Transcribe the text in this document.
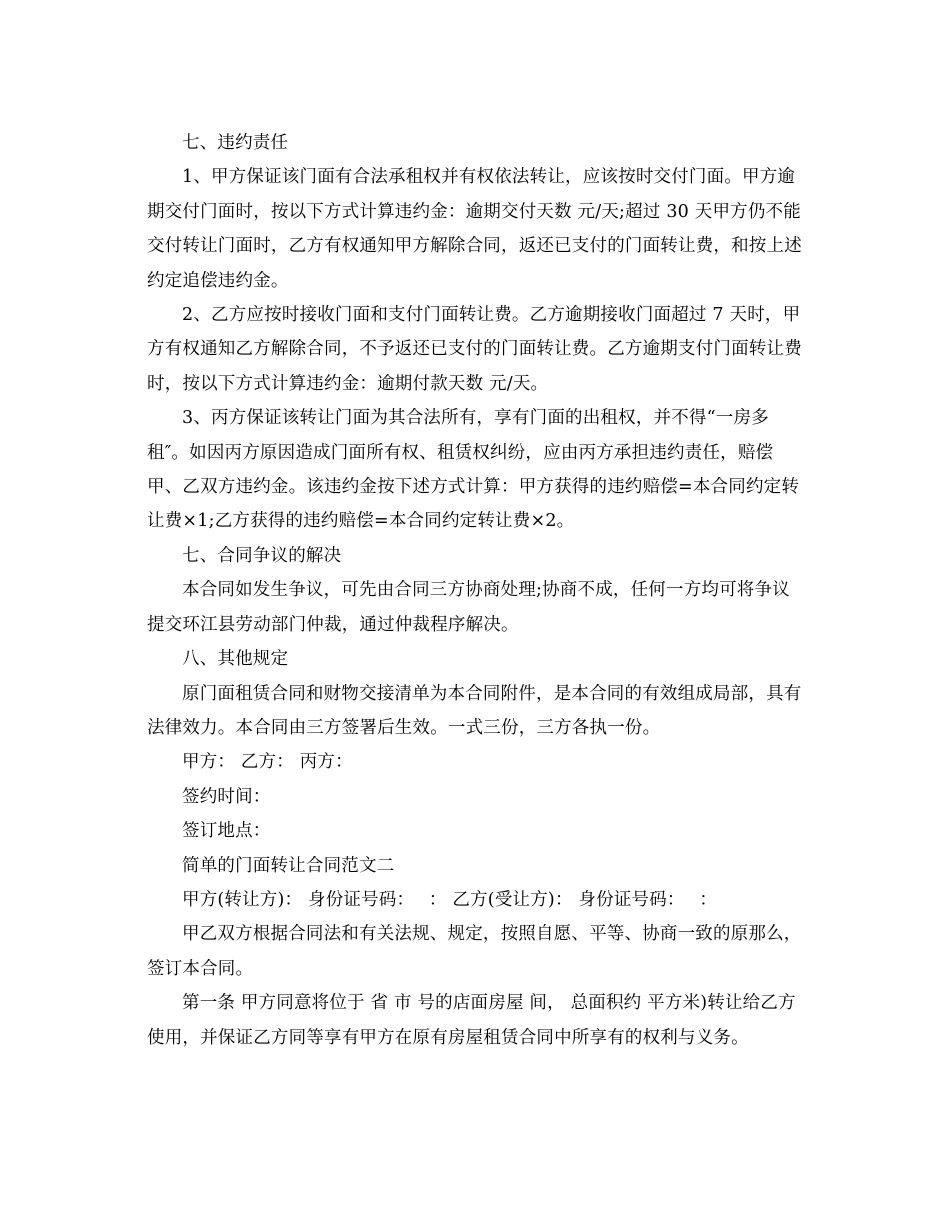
七、违约责任

1、甲方保证该门面有合法承租权并有权依法转让，应该按时交付门面。甲方逾期交付门面时，按以下方式计算违约金：逾期交付天数 元/天;超过 30 天甲方仍不能交付转让门面时，乙方有权通知甲方解除合同，返还已支付的门面转让费，和按上述约定追偿违约金。

2、乙方应按时接收门面和支付门面转让费。乙方逾期接收门面超过 7 天时，甲方有权通知乙方解除合同，不予返还已支付的门面转让费。乙方逾期支付门面转让费时，按以下方式计算违约金：逾期付款天数 元/天。

3、丙方保证该转让门面为其合法所有，享有门面的出租权，并不得“一房多租″。如因丙方原因造成门面所有权、租赁权纠纷，应由丙方承担违约责任，赔偿甲、乙双方违约金。该违约金按下述方式计算：甲方获得的违约赔偿=本合同约定转让费×1;乙方获得的违约赔偿=本合同约定转让费×2。

七、合同争议的解决

本合同如发生争议，可先由合同三方协商处理;协商不成，任何一方均可将争议提交环江县劳动部门仲裁，通过仲裁程序解决。

八、其他规定

原门面租赁合同和财物交接清单为本合同附件，是本合同的有效组成局部，具有法律效力。本合同由三方签署后生效。一式三份，三方各执一份。

甲方： 乙方： 丙方：

签约时间：

签订地点：

简单的门面转让合同范文二

甲方(转让方)： 身份证号码：　 ： 乙方(受让方)： 身份证号码：　 ：

甲乙双方根据合同法和有关法规、规定，按照自愿、平等、协商一致的原那么，签订本合同。

第一条 甲方同意将位于 省 市 号的店面房屋 间， 总面积约 平方米)转让给乙方使用，并保证乙方同等享有甲方在原有房屋租赁合同中所享有的权利与义务。
